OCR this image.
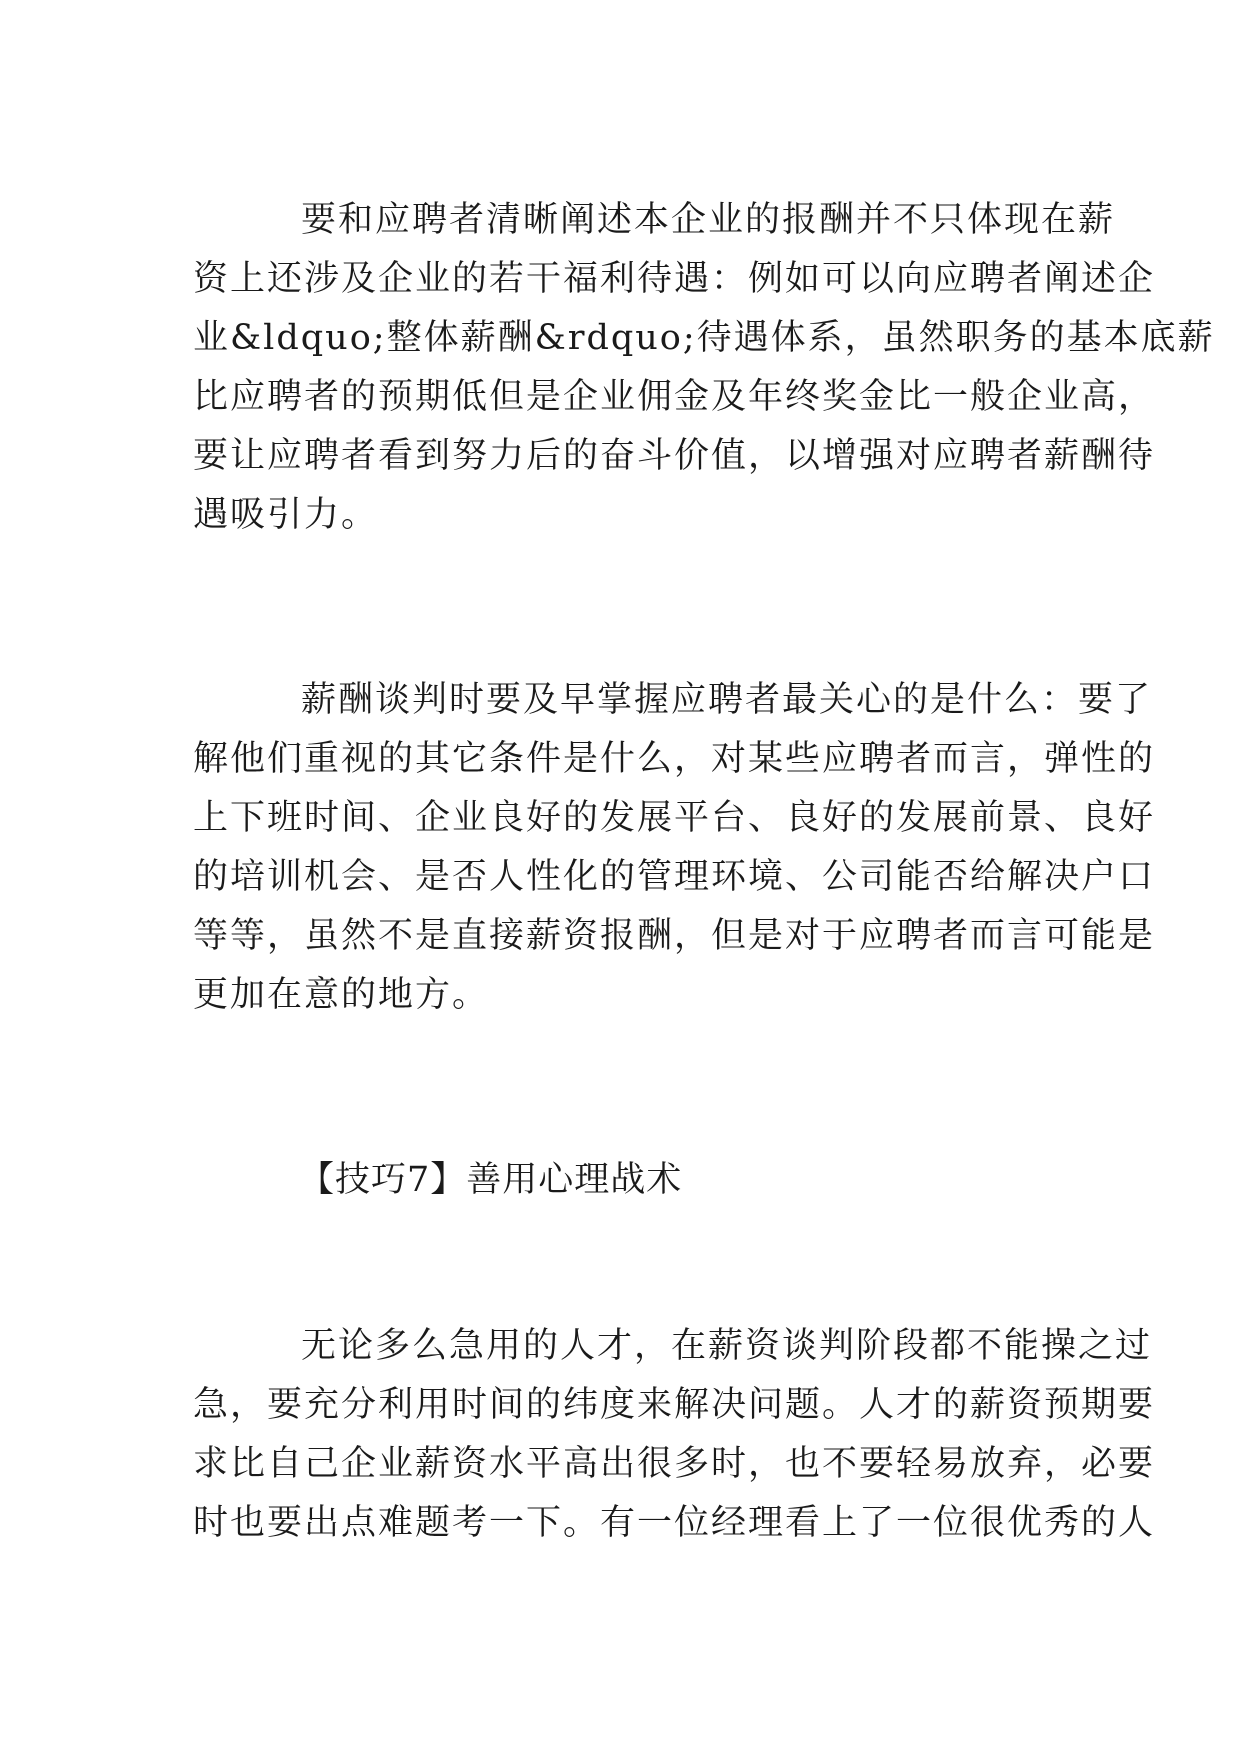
要和应聘者清晰阐述本企业的报酬并不只体现在薪
资上还涉及企业的若干福利待遇：例如可以向应聘者阐述企
业&ldquo;整体薪酬&rdquo;待遇体系，虽然职务的基本底薪
比应聘者的预期低但是企业佣金及年终奖金比一般企业高，
要让应聘者看到努力后的奋斗价值，以增强对应聘者薪酬待
遇吸引力。
薪酬谈判时要及早掌握应聘者最关心的是什么：要了
解他们重视的其它条件是什么，对某些应聘者而言，弹性的
上下班时间、企业良好的发展平台、良好的发展前景、良好
的培训机会、是否人性化的管理环境、公司能否给解决户口
等等，虽然不是直接薪资报酬，但是对于应聘者而言可能是
更加在意的地方。
【技巧7】善用心理战术
无论多么急用的人才，在薪资谈判阶段都不能操之过
急，要充分利用时间的纬度来解决问题。人才的薪资预期要
求比自己企业薪资水平高出很多时，也不要轻易放弃，必要
时也要出点难题考一下。有一位经理看上了一位很优秀的人
